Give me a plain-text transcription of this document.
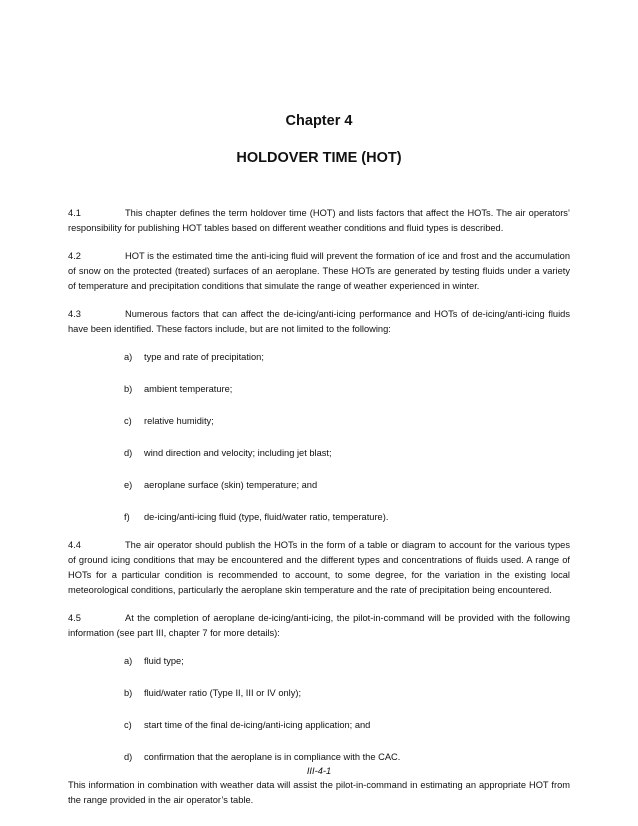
Chapter 4
HOLDOVER TIME (HOT)

4.1	This chapter defines the term holdover time (HOT) and lists factors that affect the HOTs. The air operators’ responsibility for publishing HOT tables based on different weather conditions and fluid types is described.

4.2	HOT is the estimated time the anti-icing fluid will prevent the formation of ice and frost and the accumulation of snow on the protected (treated) surfaces of an aeroplane. These HOTs are generated by testing fluids under a variety of temperature and precipitation conditions that simulate the range of weather experienced in winter.

4.3	Numerous factors that can affect the de-icing/anti-icing performance and HOTs of de-icing/anti-icing fluids have been identified. These factors include, but are not limited to the following:

a) type and rate of precipitation;
b) ambient temperature;
c) relative humidity;
d) wind direction and velocity; including jet blast;
e) aeroplane surface (skin) temperature; and
f) de-icing/anti-icing fluid (type, fluid/water ratio, temperature).

4.4	The air operator should publish the HOTs in the form of a table or diagram to account for the various types of ground icing conditions that may be encountered and the different types and concentrations of fluids used. A range of HOTs for a particular condition is recommended to account, to some degree, for the variation in the existing local meteorological conditions, particularly the aeroplane skin temperature and the rate of precipitation being encountered.

4.5	At the completion of aeroplane de-icing/anti-icing, the pilot-in-command will be provided with the following information (see part III, chapter 7 for more details):

a) fluid type;
b) fluid/water ratio (Type II, III or IV only);
c) start time of the final de-icing/anti-icing application; and
d) confirmation that the aeroplane is in compliance with the CAC.

This information in combination with weather data will assist the pilot-in-command in estimating an appropriate HOT from the range provided in the air operator’s table.

III-4-1
